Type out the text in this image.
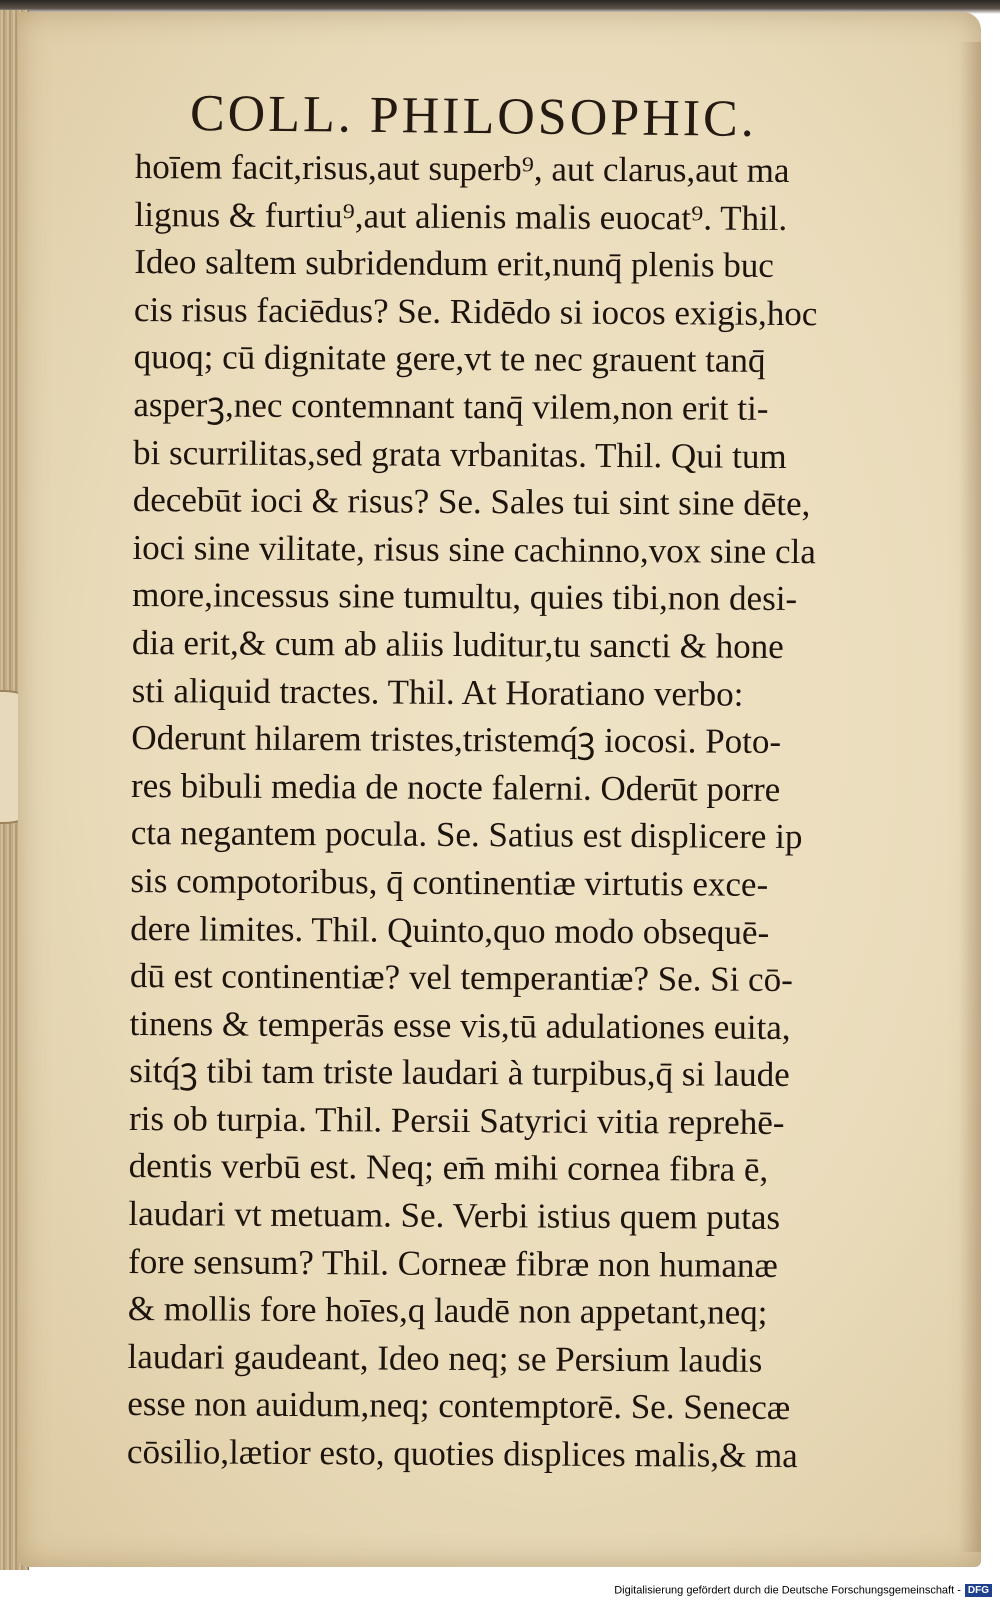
COLL. PHILOSOPHIC.
hoīem facit,risus,aut superb⁹, aut clarus,aut ma
lignus & furtiu⁹,aut alienis malis euocat⁹. Thil.
Ideo saltem subridendum erit,nunq̄ plenis buc
cis risus faciēdus? Se. Ridēdo si iocos exigis,hoc
quoq; cū dignitate gere,vt te nec grauent tanq̄
asperꝫ,nec contemnant tanq̄ vilem,non erit ti-
bi scurrilitas,sed grata vrbanitas. Thil. Qui tum
decebūt ioci & risus? Se. Sales tui sint sine dēte,
ioci sine vilitate, risus sine cachinno,vox sine cla
more,incessus sine tumultu, quies tibi,non desi-
dia erit,& cum ab aliis luditur,tu sancti & hone
sti aliquid tractes. Thil. At Horatiano verbo:
Oderunt hilarem tristes,tristemq́ꝫ iocosi. Poto-
res bibuli media de nocte falerni. Oderūt porre
cta negantem pocula. Se. Satius est displicere ip
sis compotoribus, q̄ continentiæ virtutis exce-
dere limites. Thil. Quinto,quo modo obsequē-
dū est continentiæ? vel temperantiæ? Se. Si cō-
tinens & temperās esse vis,tū adulationes euita,
sitq́ꝫ tibi tam triste laudari à turpibus,q̄ si laude
ris ob turpia. Thil. Persii Satyrici vitia reprehē-
dentis verbū est. Neq; em̄ mihi cornea fibra ē,
laudari vt metuam. Se. Verbi istius quem putas
fore sensum? Thil. Corneæ fibræ non humanæ
& mollis fore hoīes,q laudē non appetant,neq;
laudari gaudeant, Ideo neq; se Persium laudis
esse non auidum,neq; contemptorē. Se. Senecæ
cōsilio,lætior esto, quoties displices malis,& ma
Digitalisierung gefördert durch die Deutsche Forschungsgemeinschaft - DFG
